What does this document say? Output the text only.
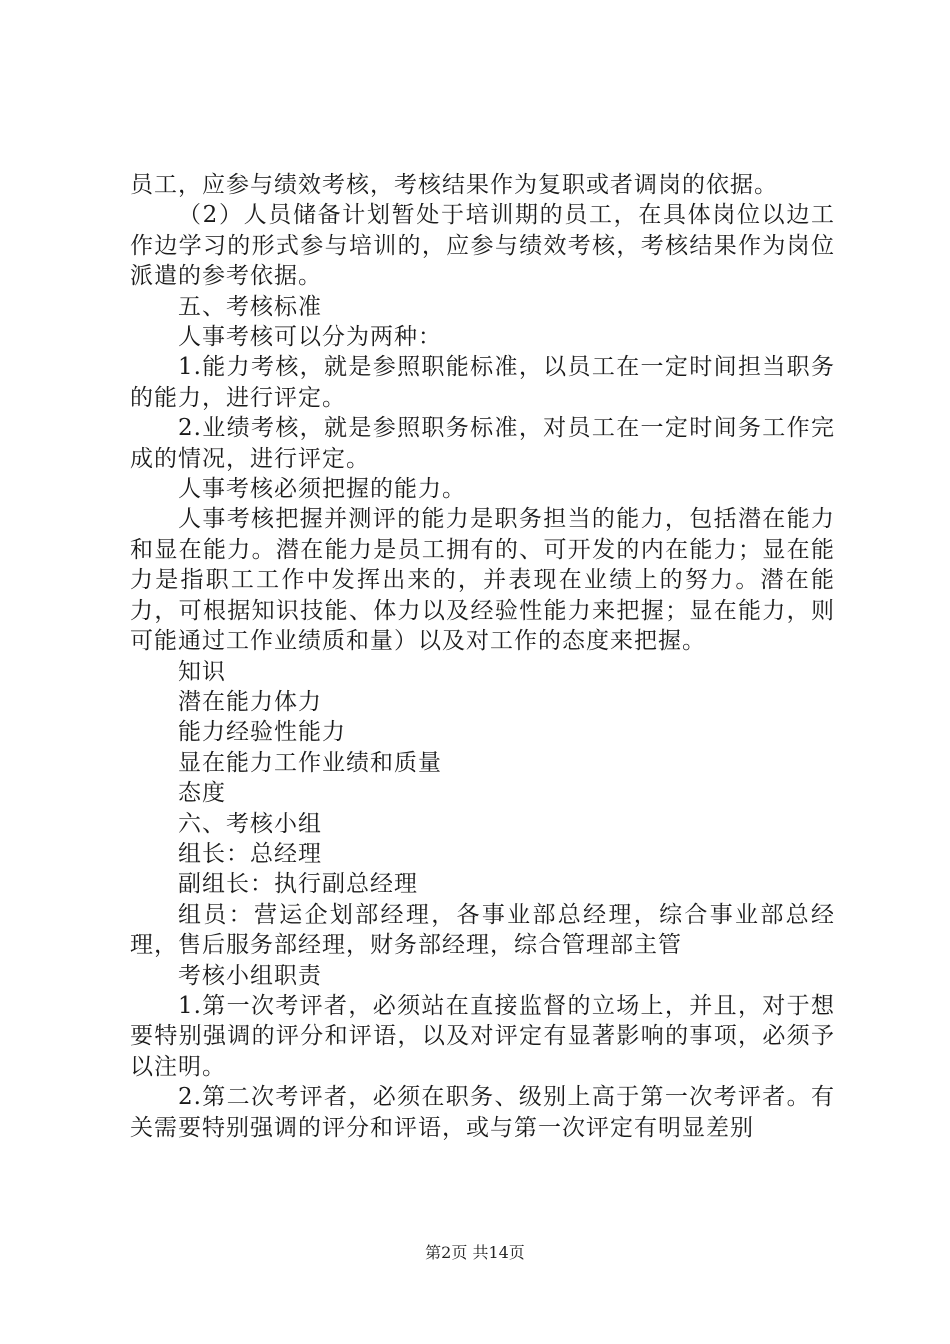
员工，应参与绩效考核，考核结果作为复职或者调岗的依据。

（2）人员储备计划暂处于培训期的员工，在具体岗位以边工作边学习的形式参与培训的，应参与绩效考核，考核结果作为岗位派遣的参考依据。

五、考核标准

人事考核可以分为两种：

1.能力考核，就是参照职能标准，以员工在一定时间担当职务的能力，进行评定。

2.业绩考核，就是参照职务标准，对员工在一定时间务工作完成的情况，进行评定。

人事考核必须把握的能力。

人事考核把握并测评的能力是职务担当的能力，包括潜在能力和显在能力。潜在能力是员工拥有的、可开发的内在能力；显在能力是指职工工作中发挥出来的，并表现在业绩上的努力。潜在能力，可根据知识技能、体力以及经验性能力来把握；显在能力，则可能通过工作业绩质和量）以及对工作的态度来把握。

知识

潜在能力体力

能力经验性能力

显在能力工作业绩和质量

态度

六、考核小组

组长：总经理

副组长：执行副总经理

组员：营运企划部经理，各事业部总经理，综合事业部总经理，售后服务部经理，财务部经理，综合管理部主管

考核小组职责

1.第一次考评者，必须站在直接监督的立场上，并且，对于想要特别强调的评分和评语，以及对评定有显著影响的事项，必须予以注明。

2.第二次考评者，必须在职务、级别上高于第一次考评者。有关需要特别强调的评分和评语，或与第一次评定有明显差别

第2页 共14页
